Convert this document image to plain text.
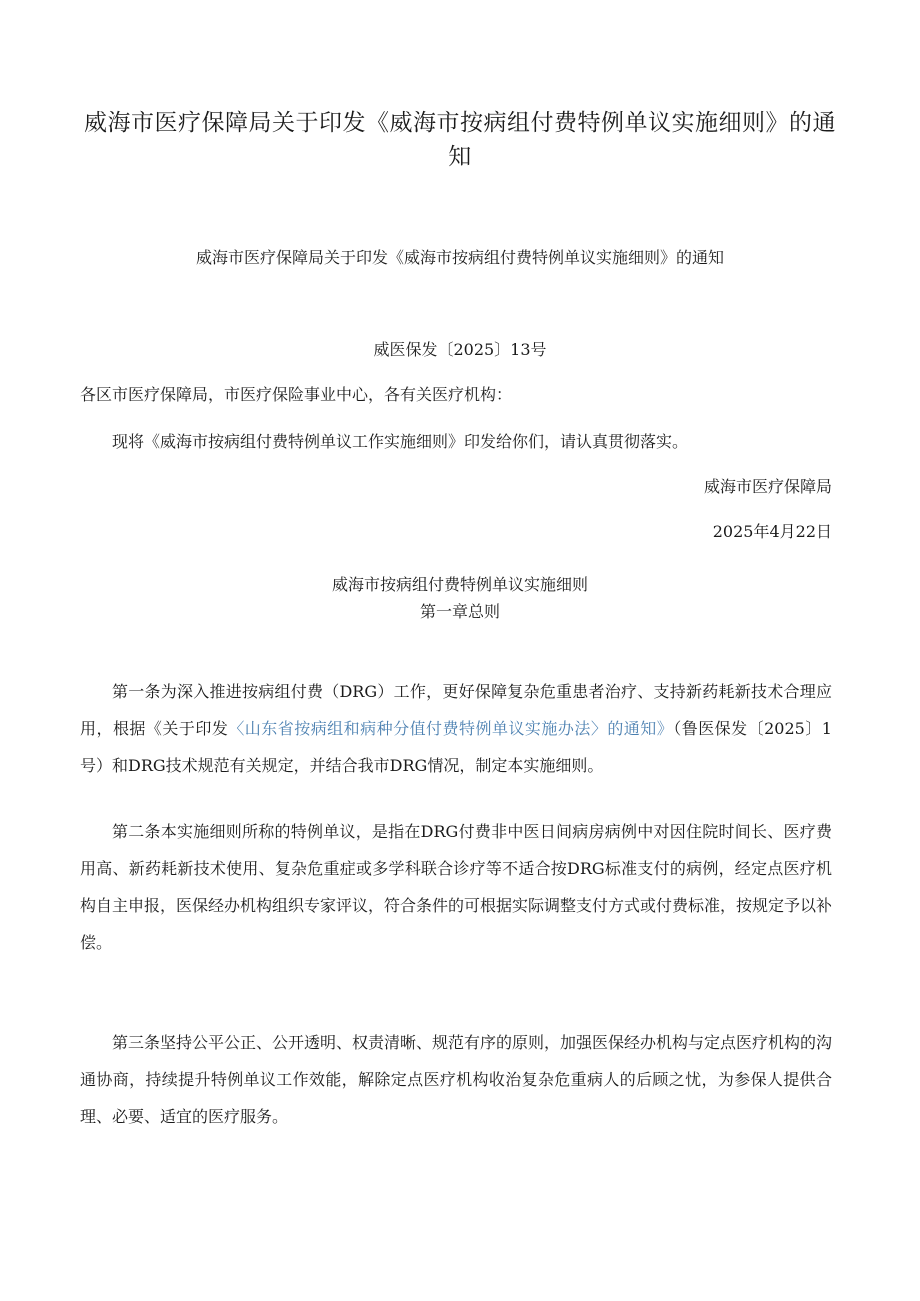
威海市医疗保障局关于印发《威海市按病组付费特例单议实施细则》的通知
威海市医疗保障局关于印发《威海市按病组付费特例单议实施细则》的通知
威医保发〔2025〕13号
各区市医疗保障局，市医疗保险事业中心，各有关医疗机构：
现将《威海市按病组付费特例单议工作实施细则》印发给你们，请认真贯彻落实。
威海市医疗保障局
2025年4月22日
威海市按病组付费特例单议实施细则
第一章总则
第一条为深入推进按病组付费（DRG）工作，更好保障复杂危重患者治疗、支持新药耗新技术合理应用，根据《关于印发〈山东省按病组和病种分值付费特例单议实施办法〉的通知》（鲁医保发〔2025〕1号）和DRG技术规范有关规定，并结合我市DRG情况，制定本实施细则。
第二条本实施细则所称的特例单议，是指在DRG付费非中医日间病房病例中对因住院时间长、医疗费用高、新药耗新技术使用、复杂危重症或多学科联合诊疗等不适合按DRG标准支付的病例，经定点医疗机构自主申报，医保经办机构组织专家评议，符合条件的可根据实际调整支付方式或付费标准，按规定予以补偿。
第三条坚持公平公正、公开透明、权责清晰、规范有序的原则，加强医保经办机构与定点医疗机构的沟通协商，持续提升特例单议工作效能，解除定点医疗机构收治复杂危重病人的后顾之忧，为参保人提供合理、必要、适宜的医疗服务。
